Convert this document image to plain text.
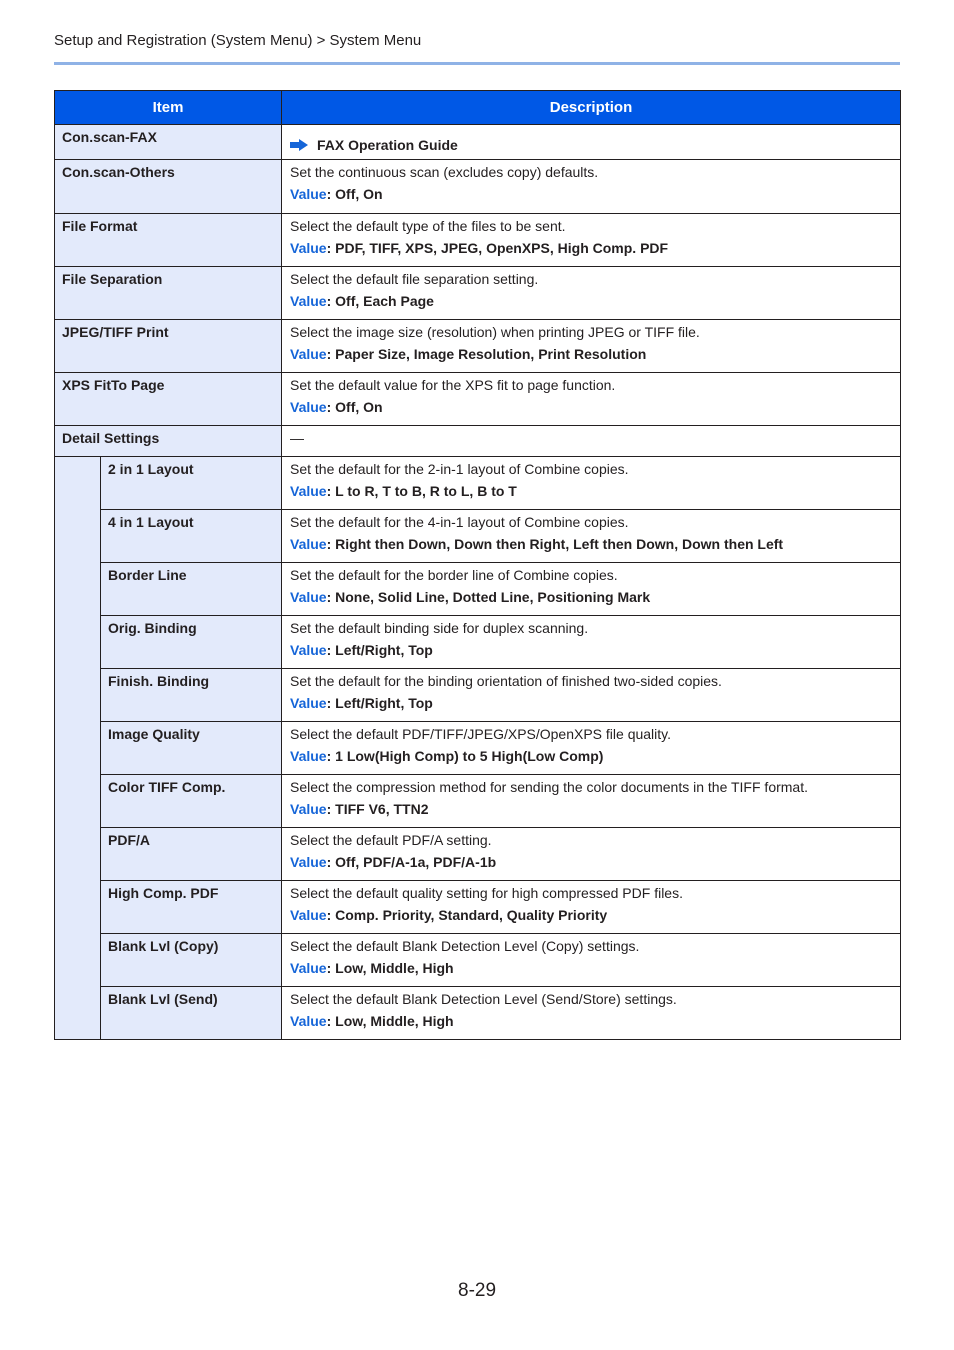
Setup and Registration (System Menu) > System Menu
Item		Description
Con.scan-FAX		FAX Operation Guide

Con.scan-Others		Set the continuous scan (excludes copy) defaults.
Value: Off, On

File Format		Select the default type of the files to be sent.
Value: PDF, TIFF, XPS, JPEG, OpenXPS, High Comp. PDF

File Separation		Select the default file separation setting.
Value: Off, Each Page

JPEG/TIFF Print		Select the image size (resolution) when printing JPEG or TIFF file.
Value: Paper Size, Image Resolution, Print Resolution

XPS FitTo Page		Set the default value for the XPS fit to page function.
Value: Off, On

Detail Settings		—
	2 in 1 Layout	Set the default for the 2-in-1 layout of Combine copies.
Value: L to R, T to B, R to L, B to T

	4 in 1 Layout	Set the default for the 4-in-1 layout of Combine copies.
Value: Right then Down, Down then Right, Left then Down, Down then Left

	Border Line	Set the default for the border line of Combine copies.
Value: None, Solid Line, Dotted Line, Positioning Mark

	Orig. Binding	Set the default binding side for duplex scanning.
Value: Left/Right, Top

	Finish. Binding	Set the default for the binding orientation of finished two-sided copies.
Value: Left/Right, Top

	Image Quality	Select the default PDF/TIFF/JPEG/XPS/OpenXPS file quality.
Value: 1 Low(High Comp) to 5 High(Low Comp)

	Color TIFF Comp.	Select the compression method for sending the color documents in the TIFF format.
Value: TIFF V6, TTN2

	PDF/A	Select the default PDF/A setting.
Value: Off, PDF/A-1a, PDF/A-1b

	High Comp. PDF	Select the default quality setting for high compressed PDF files.
Value: Comp. Priority, Standard, Quality Priority

	Blank Lvl (Copy)	Select the default Blank Detection Level (Copy) settings.
Value: Low, Middle, High

	Blank Lvl (Send)	Select the default Blank Detection Level (Send/Store) settings.
Value: Low, Middle, High
8-29
